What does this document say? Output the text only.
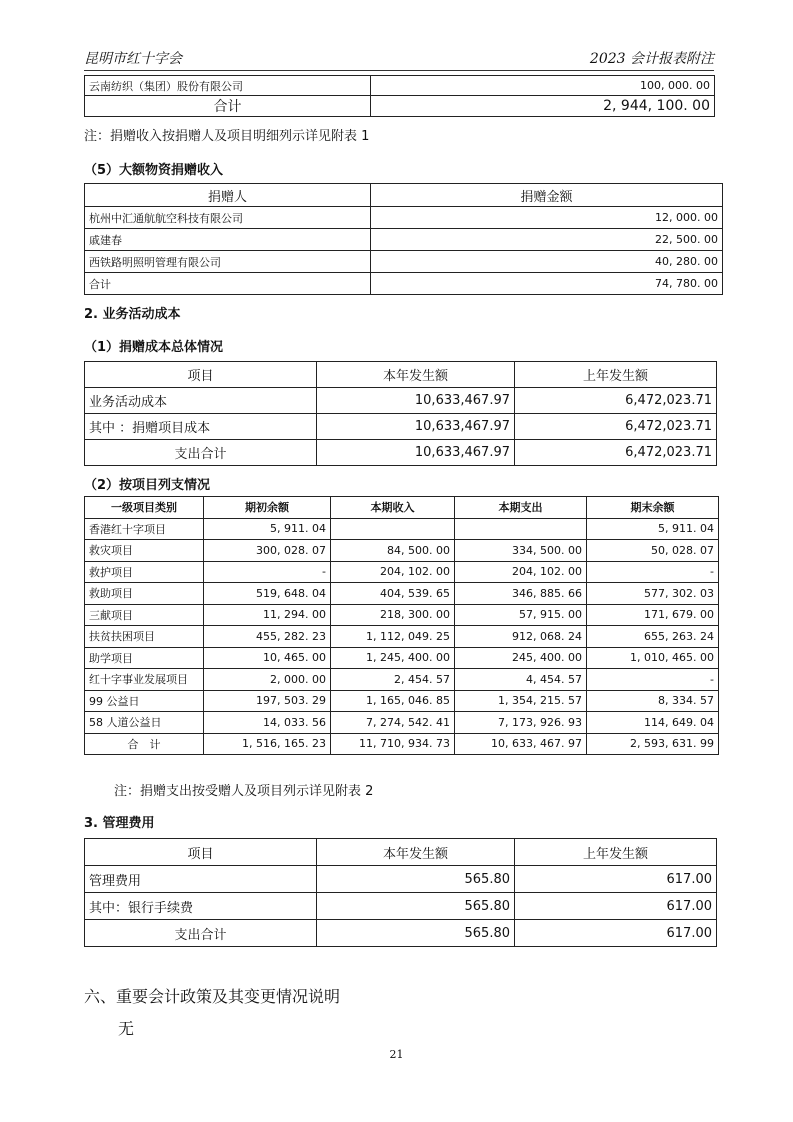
昆明市红十字会	2023 会计报表附注
云南纺织（集团）股份有限公司	100, 000. 00
合计	2, 944, 100. 00
注：捐赠收入按捐赠人及项目明细列示详见附表 1
（5）大额物资捐赠收入
捐赠人	捐赠金额
杭州中汇通航航空科技有限公司	12, 000. 00
戚建春	22, 500. 00
西铁路明照明管理有限公司	40, 280. 00
合计	74, 780. 00
2. 业务活动成本
（1）捐赠成本总体情况
项目	本年发生额	上年发生额
业务活动成本	10,633,467.97	6,472,023.71
其中 ：捐赠项目成本	10,633,467.97	6,472,023.71
支出合计	10,633,467.97	6,472,023.71
（2）按项目列支情况
一级项目类别	期初余额	本期收入	本期支出	期末余额
香港红十字项目	5, 911. 04			5, 911. 04
救灾项目	300, 028. 07	84, 500. 00	334, 500. 00	50, 028. 07
救护项目	-	204, 102. 00	204, 102. 00	-
救助项目	519, 648. 04	404, 539. 65	346, 885. 66	577, 302. 03
三献项目	11, 294. 00	218, 300. 00	57, 915. 00	171, 679. 00
扶贫扶困项目	455, 282. 23	1, 112, 049. 25	912, 068. 24	655, 263. 24
助学项目	10, 465. 00	1, 245, 400. 00	245, 400. 00	1, 010, 465. 00
红十字事业发展项目	2, 000. 00	2, 454. 57	4, 454. 57	-
99 公益日	197, 503. 29	1, 165, 046. 85	1, 354, 215. 57	8, 334. 57
58 人道公益日	14, 033. 56	7, 274, 542. 41	7, 173, 926. 93	114, 649. 04
合　计	1, 516, 165. 23	11, 710, 934. 73	10, 633, 467. 97	2, 593, 631. 99
注：捐赠支出按受赠人及项目列示详见附表 2
3. 管理费用
项目	本年发生额	上年发生额
管理费用	565.80	617.00
其中：银行手续费	565.80	617.00
支出合计	565.80	617.00
六、重要会计政策及其变更情况说明
无
21
